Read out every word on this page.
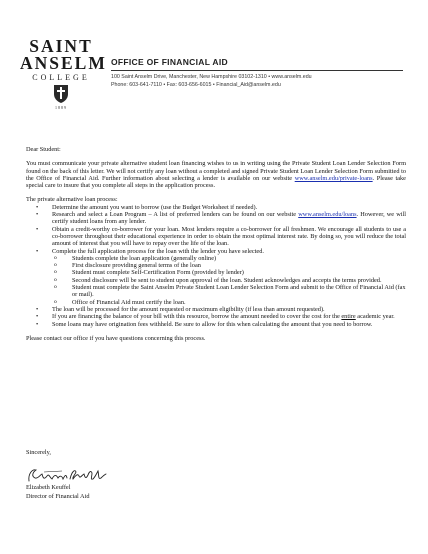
SAINT
ANSELM
COLLEGE
1889
OFFICE OF FINANCIAL AID
100 Saint Anselm Drive, Manchester, New Hampshire 03102-1310 • www.anselm.edu
Phone: 603-641-7110 • Fax: 603-656-6015 • Financial_Aid@anselm.edu

Dear Student:

You must communicate your private alternative student loan financing wishes to us in writing using the Private Student Loan Lender Selection Form found on the back of this letter. We will not certify any loan without a completed and signed Private Student Loan Lender Selection Form submitted to the Office of Financial Aid. Further information about selecting a lender is available on our website www.anselm.edu/private-loans. Please take special care to insure that you complete all steps in the application process.

The private alternative loan process:

• Determine the amount you want to borrow (use the Budget Worksheet if needed).
• Research and select a Loan Program – A list of preferred lenders can be found on our website www.anselm.edu/loans. However, we will certify student loans from any lender.
• Obtain a credit-worthy co-borrower for your loan. Most lenders require a co-borrower for all freshmen. We encourage all students to use a co-borrower throughout their educational experience in order to obtain the most optimal interest rate. By doing so, you will reduce the total amount of interest that you will have to repay over the life of the loan.
• Complete the full application process for the loan with the lender you have selected.
o Students complete the loan application (generally online)
o First disclosure providing general terms of the loan
o Student must complete Self-Certification Form (provided by lender)
o Second disclosure will be sent to student upon approval of the loan. Student acknowledges and accepts the terms provided.
o Student must complete the Saint Anselm Private Student Loan Lender Selection Form and submit to the Office of Financial Aid (fax or mail).
o Office of Financial Aid must certify the loan.
• The loan will be processed for the amount requested or maximum eligibility (if less than amount requested).
• If you are financing the balance of your bill with this resource, borrow the amount needed to cover the cost for the entire academic year.
• Some loans may have origination fees withheld. Be sure to allow for this when calculating the amount that you need to borrow.

Please contact our office if you have questions concerning this process.

Sincerely,
Elizabeth Keuffel
Director of Financial Aid
